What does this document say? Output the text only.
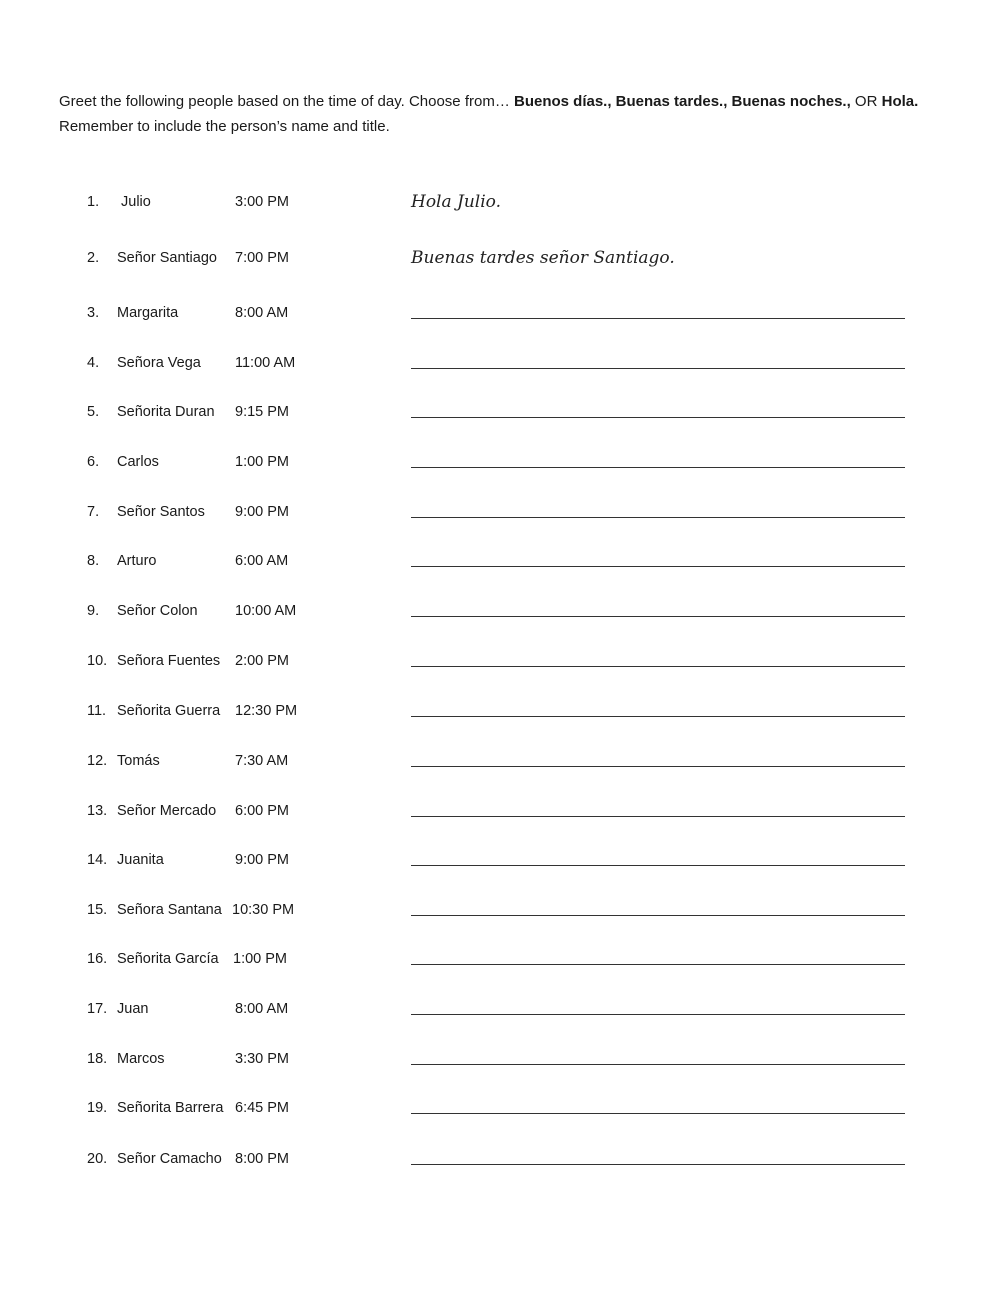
Greet the following people based on the time of day. Choose from… Buenos días., Buenas tardes., Buenas noches., OR Hola.
Remember to include the person’s name and title.
1. Julio	3:00 PM	Hola Julio.
2. Señor Santiago 7:00 PM	Buenas tardes señor Santiago.
3. Margarita	8:00 AM
4. Señora Vega 11:00 AM
5. Señorita Duran 9:15 PM
6. Carlos	1:00 PM
7. Señor Santos 9:00 PM
8. Arturo	6:00 AM
9. Señor Colon	10:00 AM
10. Señora Fuentes 2:00 PM
11. Señorita Guerra 12:30 PM
12. Tomás	7:30 AM
13. Señor Mercado 6:00 PM
14. Juanita	9:00 PM
15. Señora Santana 10:30 PM
16. Señorita García 1:00 PM
17. Juan	8:00 AM
18. Marcos	3:30 PM
19. Señorita Barrera 6:45 PM
20. Señor Camacho 8:00 PM
